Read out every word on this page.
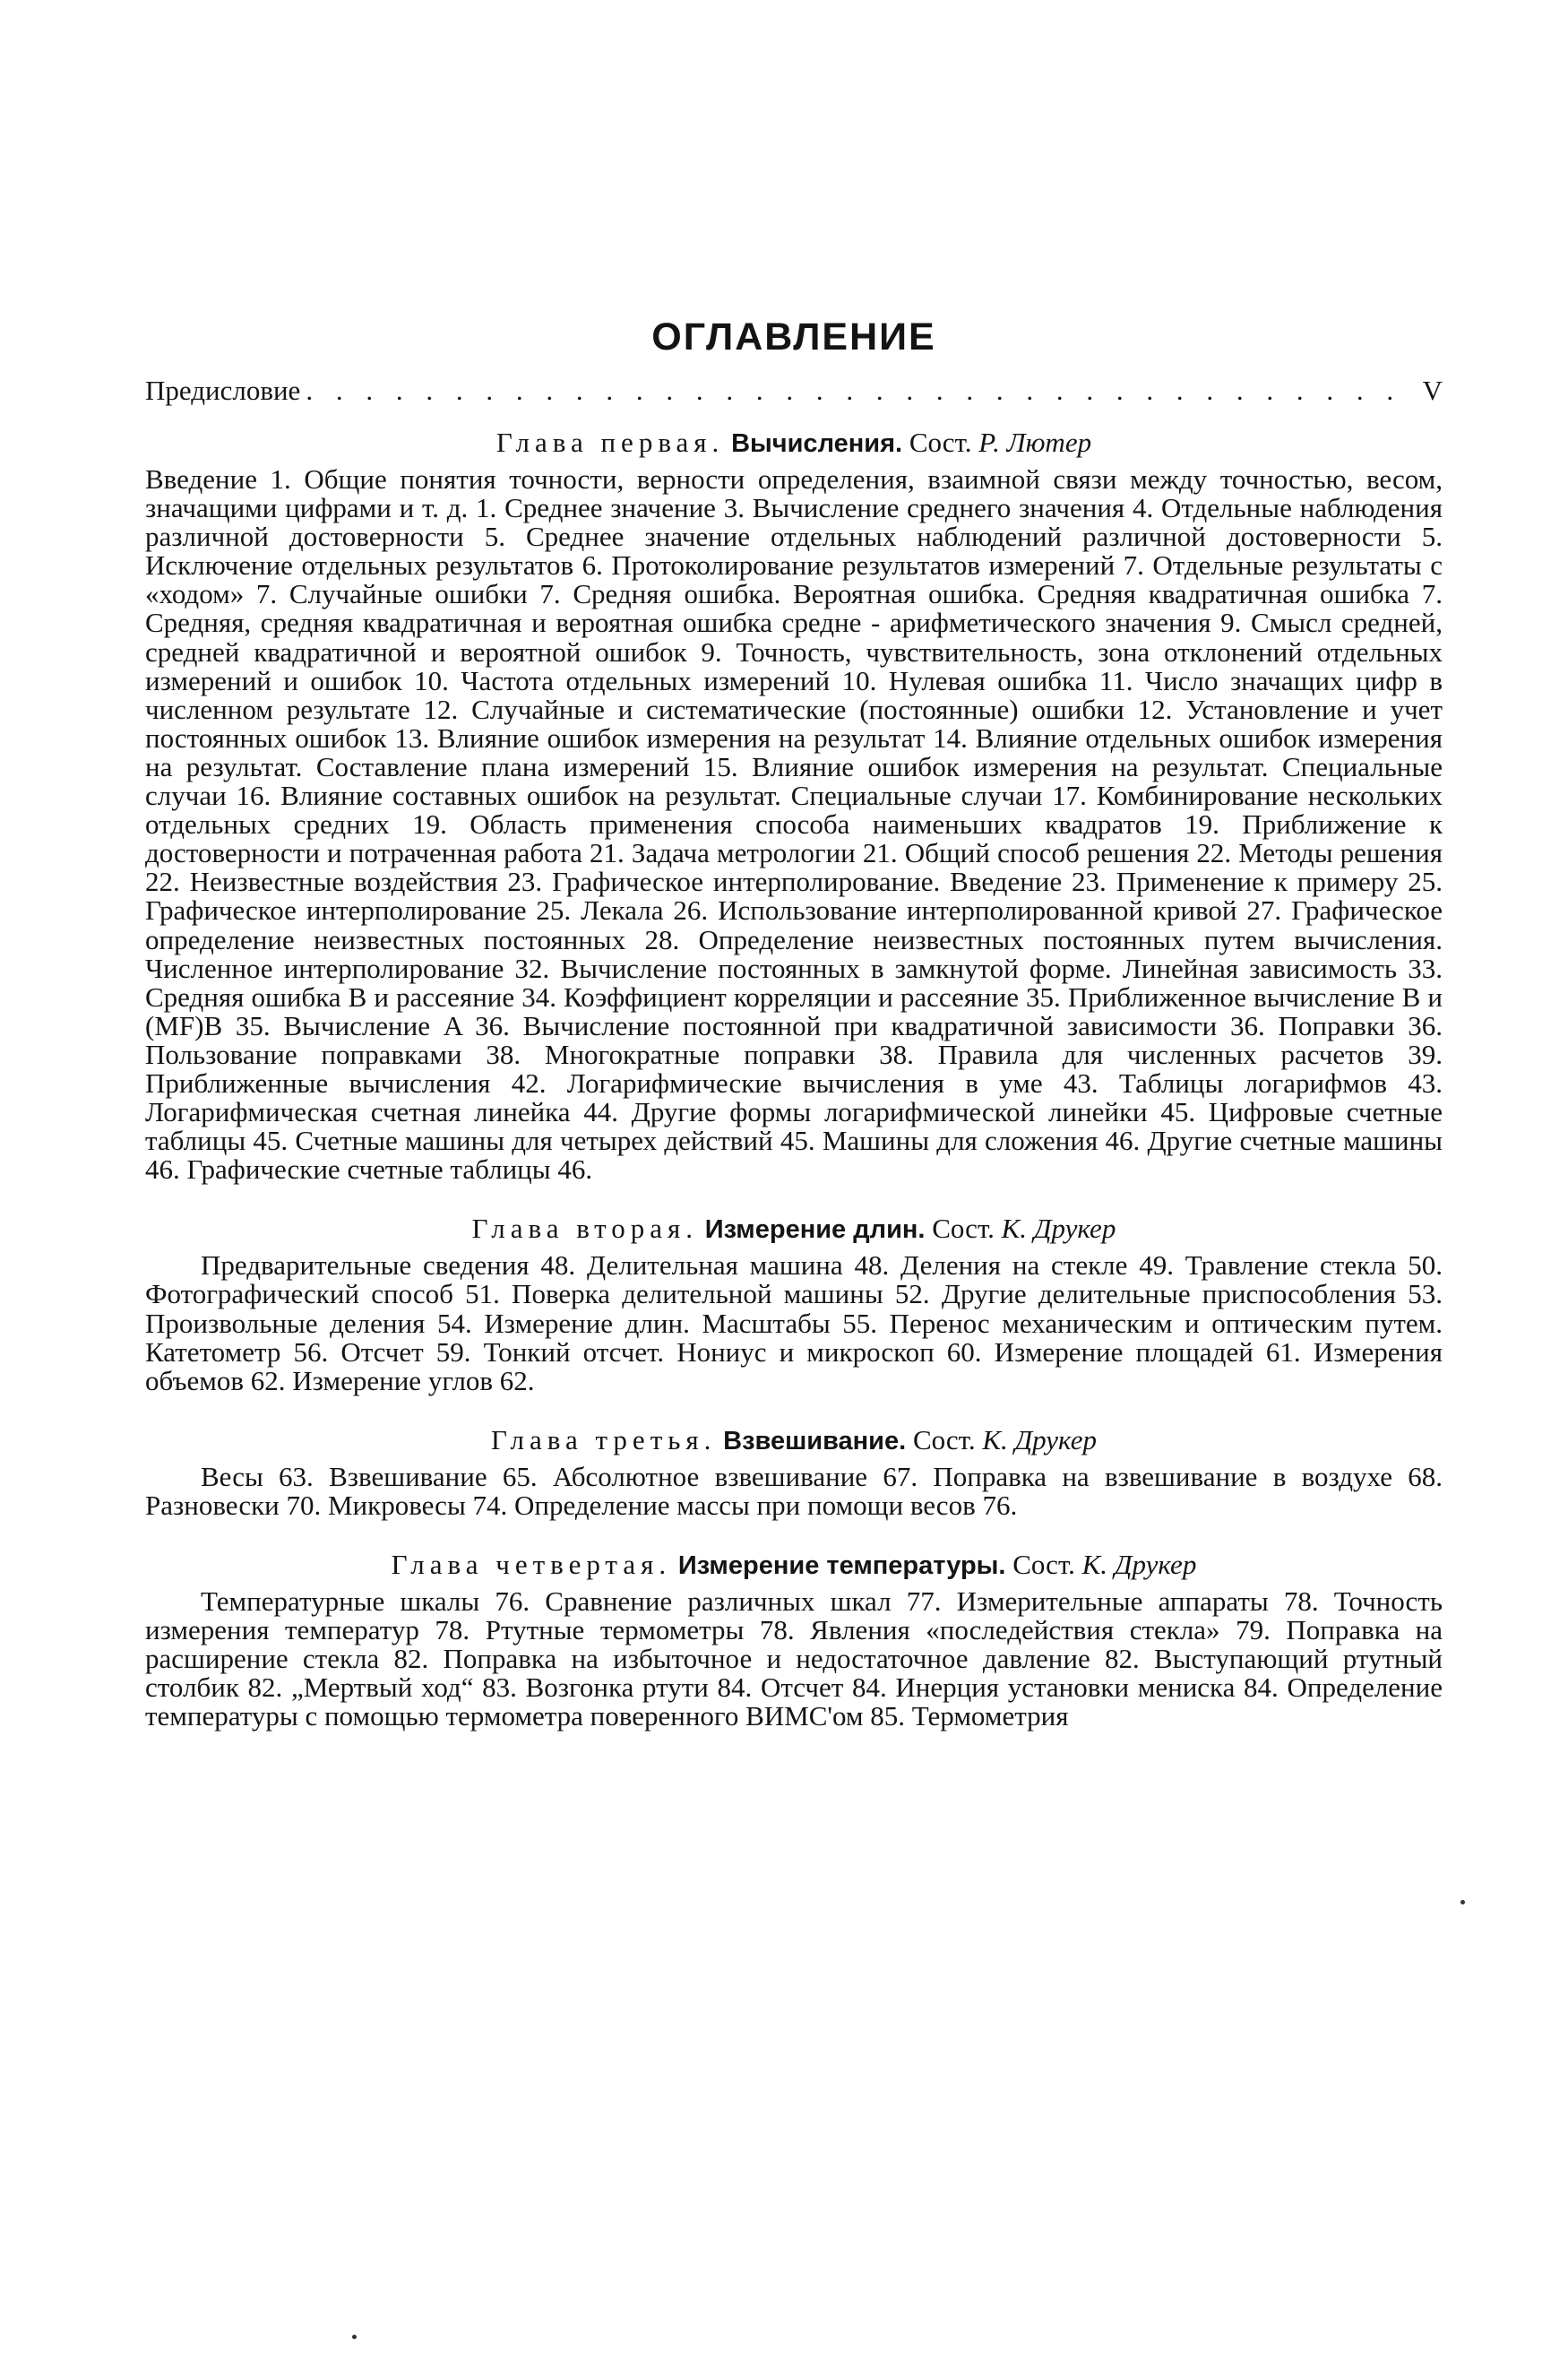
ОГЛАВЛЕНИЕ
Предисловие
. . .	V
Глава первая. Вычисления. Сост. Р. Лютер

Введение 1. Общие понятия точности, верности определения, взаимной связи между точностью, весом, значащими цифрами и т. д. 1. Среднее значение 3. Вычисление среднего значения 4. Отдельные наблюдения различной достоверности 5. Среднее значение отдельных наблюдений различной достоверности 5. Исключение отдельных результатов 6. Протоколирование результатов измерений 7. Отдельные результаты с «ходом» 7. Случайные ошибки 7. Средняя ошибка. Вероятная ошибка. Средняя квадратичная ошибка 7. Средняя, средняя квадратичная и вероятная ошибка средне - арифметического значения 9. Смысл средней, средней квадратичной и вероятной ошибок 9. Точность, чувствительность, зона отклонений отдельных измерений и ошибок 10. Частота отдельных измерений 10. Нулевая ошибка 11. Число значащих цифр в численном результате 12. Случайные и систематические (постоянные) ошибки 12. Установление и учет постоянных ошибок 13. Влияние ошибок измерения на результат 14. Влияние отдельных ошибок измерения на результат. Составление плана измерений 15. Влияние ошибок измерения на результат. Специальные случаи 16. Влияние составных ошибок на результат. Специальные случаи 17. Комбинирование нескольких отдельных средних 19. Область применения способа наименьших квадратов 19. Приближение к достоверности и потраченная работа 21. Задача метрологии 21. Общий способ решения 22. Методы решения 22. Неизвестные воздействия 23. Графическое интерполирование. Введение 23. Применение к примеру 25. Графическое интерполирование 25. Лекала 26. Использование интерполированной кривой 27. Графическое определение неизвестных постоянных 28. Определение неизвестных постоянных путем вычисления. Численное интерполирование 32. Вычисление постоянных в замкнутой форме. Линейная зависимость 33. Средняя ошибка B и рассеяние 34. Коэффициент корреляции и рассеяние 35. Приближенное вычисление B и (MF)B 35. Вычисление A 36. Вычисление постоянной при квадратичной зависимости 36. Поправки 36. Пользование поправками 38. Многократные поправки 38. Правила для численных расчетов 39. Приближенные вычисления 42. Логарифмические вычисления в уме 43. Таблицы логарифмов 43. Логарифмическая счетная линейка 44. Другие формы логарифмической линейки 45. Цифровые счетные таблицы 45. Счетные машины для четырех действий 45. Машины для сложения 46. Другие счетные машины 46. Графические счетные таблицы 46.

Глава вторая. Измерение длин. Сост. К. Друкер

Предварительные сведения 48. Делительная машина 48. Деления на стекле 49. Травление стекла 50. Фотографический способ 51. Поверка делительной машины 52. Другие делительные приспособления 53. Произвольные деления 54. Измерение длин. Масштабы 55. Перенос механическим и оптическим путем. Катетометр 56. Отсчет 59. Тонкий отсчет. Нониус и микроскоп 60. Измерение площадей 61. Измерения объемов 62. Измерение углов 62.

Глава третья. Взвешивание. Сост. К. Друкер

Весы 63. Взвешивание 65. Абсолютное взвешивание 67. Поправка на взвешивание в воздухе 68. Разновески 70. Микровесы 74. Определение массы при помощи весов 76.

Глава четвертая. Измерение температуры. Сост. К. Друкер

Температурные шкалы 76. Сравнение различных шкал 77. Измерительные аппараты 78. Точность измерения температур 78. Ртутные термометры 78. Явления «последействия стекла» 79. Поправка на расширение стекла 82. Поправка на избыточное и недостаточное давление 82. Выступающий ртутный столбик 82. „Мертвый ход“ 83. Возгонка ртути 84. Отсчет 84. Инерция установки мениска 84. Определение температуры с помощью термометра поверенного ВИМС'ом 85. Термометрия
